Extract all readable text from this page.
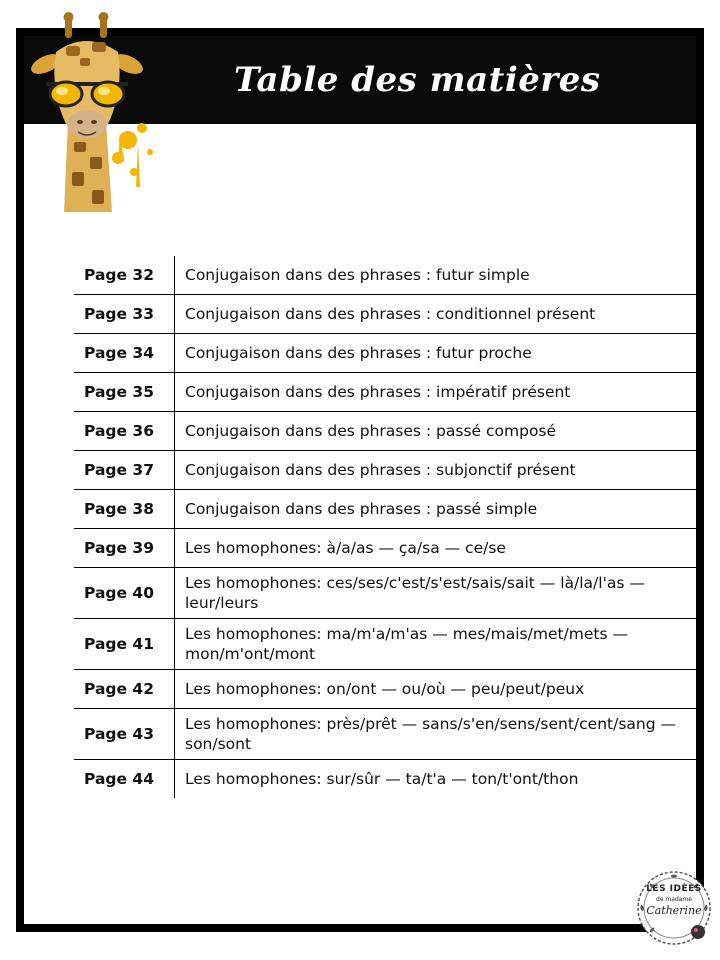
Table des matières
Page 32	Conjugaison dans des phrases : futur simple
Page 33	Conjugaison dans des phrases : conditionnel présent
Page 34	Conjugaison dans des phrases : futur proche
Page 35	Conjugaison dans des phrases : impératif présent
Page 36	Conjugaison dans des phrases : passé composé
Page 37	Conjugaison dans des phrases : subjonctif présent
Page 38	Conjugaison dans des phrases : passé simple
Page 39	Les homophones: à/a/as — ça/sa — ce/se
Page 40	Les homophones: ces/ses/c'est/s'est/sais/sait — là/la/l'as — leur/leurs
Page 41	Les homophones: ma/m'a/m'as — mes/mais/met/mets — mon/m'ont/mont
Page 42	Les homophones: on/ont — ou/où — peu/peut/peux
Page 43	Les homophones: près/prêt — sans/s'en/sens/sent/cent/sang — son/sont
Page 44	Les homophones: sur/sûr — ta/t'a — ton/t'ont/thon
LES IDÉES
de madame
Catherine
